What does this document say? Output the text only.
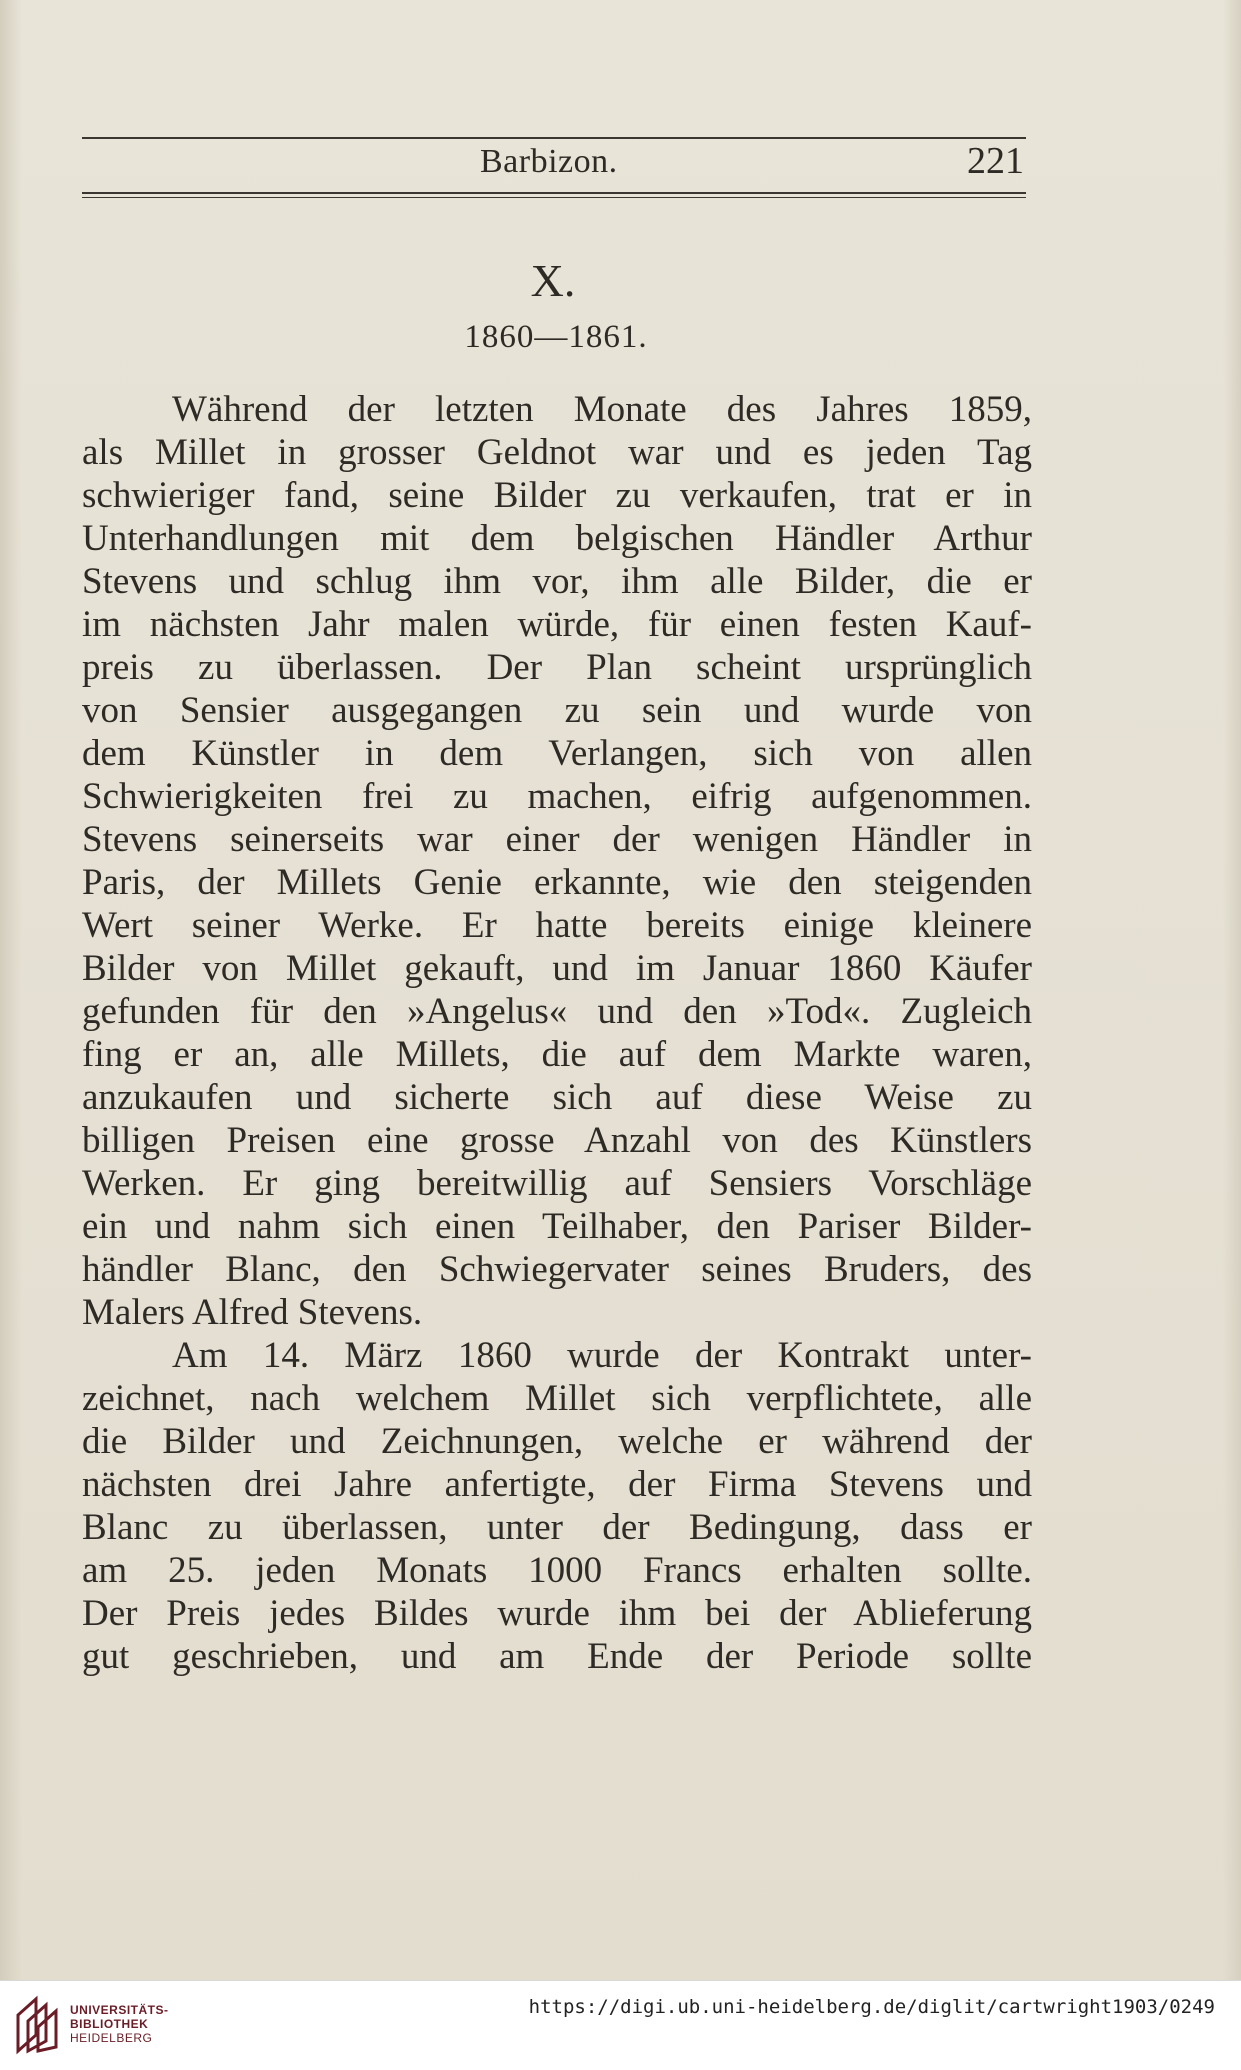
Barbizon.	221
X.
1860—1861.
Während der letzten Monate des Jahres 1859,
als Millet in grosser Geldnot war und es jeden Tag
schwieriger fand, seine Bilder zu verkaufen, trat er in
Unterhandlungen mit dem belgischen Händler Arthur
Stevens und schlug ihm vor, ihm alle Bilder, die er
im nächsten Jahr malen würde, für einen festen Kauf-
preis zu überlassen. Der Plan scheint ursprünglich
von Sensier ausgegangen zu sein und wurde von
dem Künstler in dem Verlangen, sich von allen
Schwierigkeiten frei zu machen, eifrig aufgenommen.
Stevens seinerseits war einer der wenigen Händler in
Paris, der Millets Genie erkannte, wie den steigenden
Wert seiner Werke. Er hatte bereits einige kleinere
Bilder von Millet gekauft, und im Januar 1860 Käufer
gefunden für den »Angelus« und den »Tod«. Zugleich
fing er an, alle Millets, die auf dem Markte waren,
anzukaufen und sicherte sich auf diese Weise zu
billigen Preisen eine grosse Anzahl von des Künstlers
Werken. Er ging bereitwillig auf Sensiers Vorschläge
ein und nahm sich einen Teilhaber, den Pariser Bilder-
händler Blanc, den Schwiegervater seines Bruders, des
Malers Alfred Stevens.
Am 14. März 1860 wurde der Kontrakt unter-
zeichnet, nach welchem Millet sich verpflichtete, alle
die Bilder und Zeichnungen, welche er während der
nächsten drei Jahre anfertigte, der Firma Stevens und
Blanc zu überlassen, unter der Bedingung, dass er
am 25. jeden Monats 1000 Francs erhalten sollte.
Der Preis jedes Bildes wurde ihm bei der Ablieferung
gut geschrieben, und am Ende der Periode sollte
UNIVERSITÄTS-
BIBLIOTHEK
HEIDELBERG
https://digi.ub.uni-heidelberg.de/diglit/cartwright1903/0249
